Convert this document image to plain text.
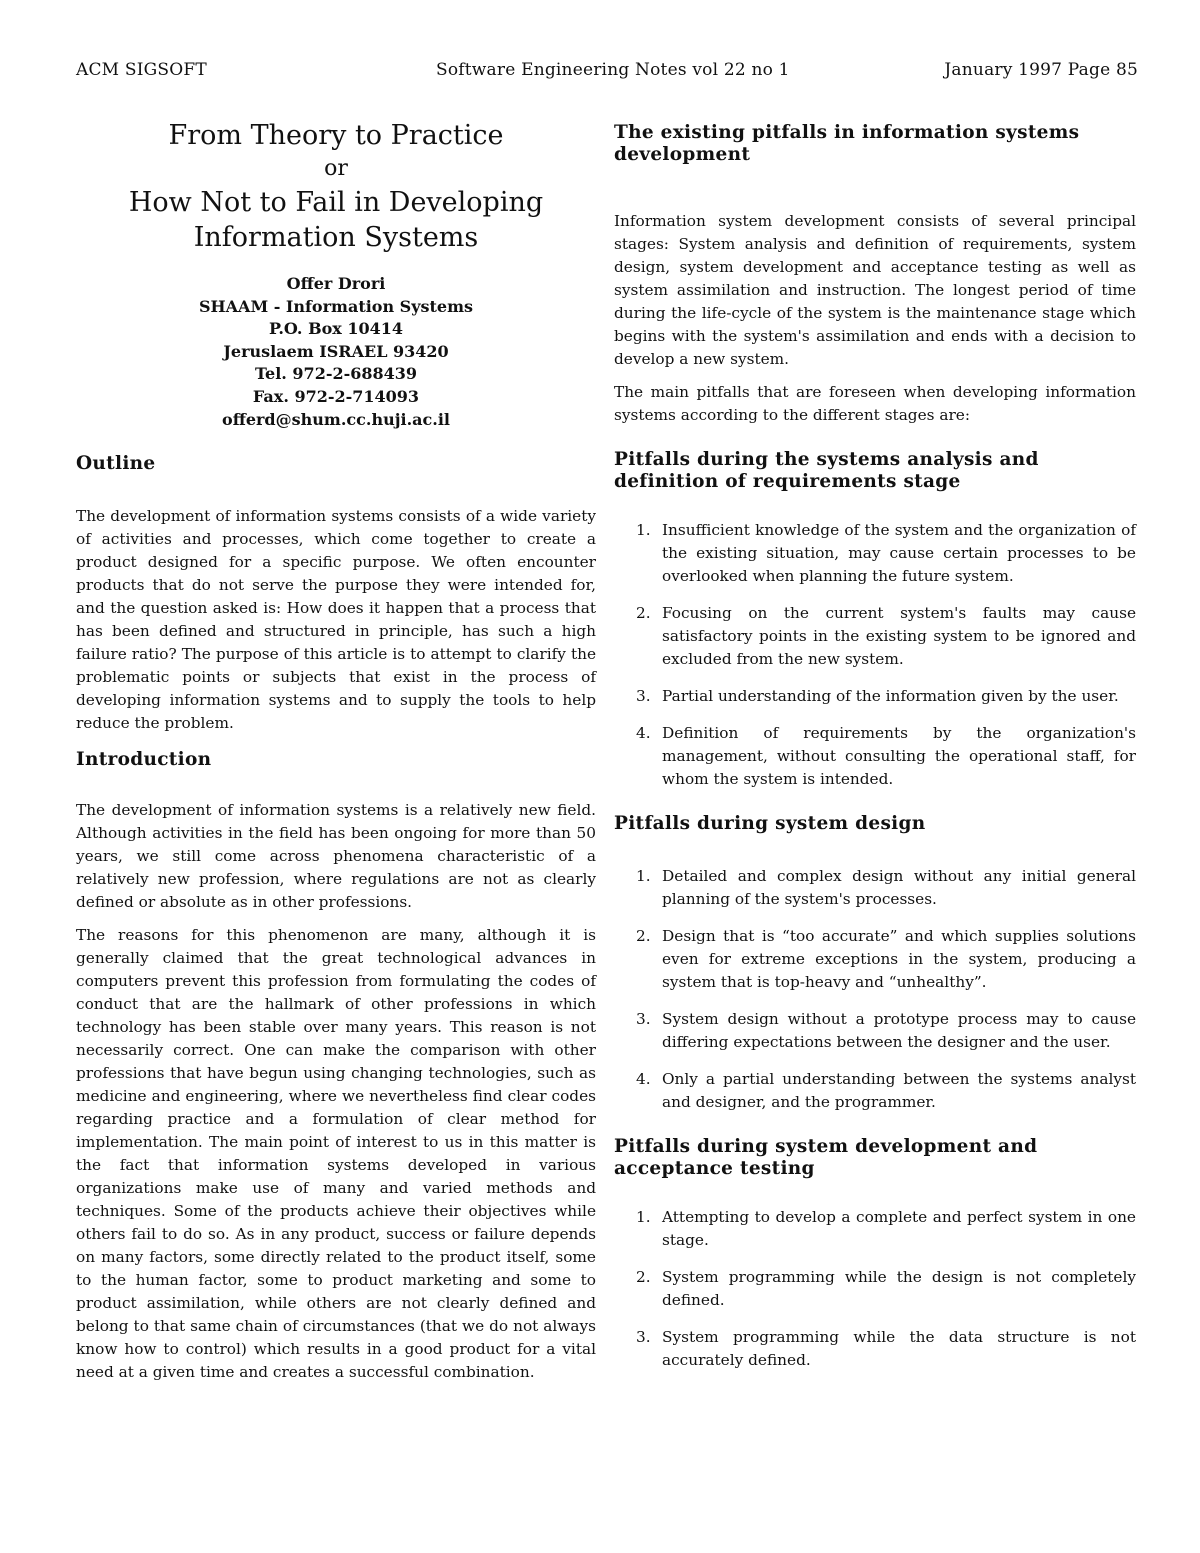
ACM SIGSOFT	Software Engineering Notes vol 22 no 1	January 1997 Page 85
From Theory to Practice
or
How Not to Fail in Developing
Information Systems
Offer Drori
SHAAM - Information Systems
P.O. Box 10414
Jeruslaem ISRAEL 93420
Tel. 972-2-688439
Fax. 972-2-714093
offerd@shum.cc.huji.ac.il
Outline

The development of information systems consists of a wide variety of activities and processes, which come together to create a product designed for a specific purpose. We often encounter products that do not serve the purpose they were intended for, and the question asked is: How does it happen that a process that has been defined and structured in principle, has such a high failure ratio? The purpose of this article is to attempt to clarify the problematic points or subjects that exist in the process of developing information systems and to supply the tools to help reduce the problem.

Introduction

The development of information systems is a relatively new field. Although activities in the field has been ongoing for more than 50 years, we still come across phenomena characteristic of a relatively new profession, where regulations are not as clearly defined or absolute as in other professions.

The reasons for this phenomenon are many, although it is generally claimed that the great technological advances in computers prevent this profession from formulating the codes of conduct that are the hallmark of other professions in which technology has been stable over many years. This reason is not necessarily correct. One can make the comparison with other professions that have begun using changing technologies, such as medicine and engineering, where we nevertheless find clear codes regarding practice and a formulation of clear method for implementation. The main point of interest to us in this matter is the fact that information systems developed in various organizations make use of many and varied methods and techniques. Some of the products achieve their objectives while others fail to do so. As in any product, success or failure depends on many factors, some directly related to the product itself, some to the human factor, some to product marketing and some to product assimilation, while others are not clearly defined and belong to that same chain of circumstances (that we do not always know how to control) which results in a good product for a vital need at a given time and creates a successful combination.

The existing pitfalls in information systems development

Information system development consists of several principal stages: System analysis and definition of requirements, system design, system development and acceptance testing as well as system assimilation and instruction. The longest period of time during the life-cycle of the system is the maintenance stage which begins with the system's assimilation and ends with a decision to develop a new system.

The main pitfalls that are foreseen when developing information systems according to the different stages are:

Pitfalls during the systems analysis and definition of requirements stage
1. Insufficient knowledge of the system and the organization of the existing situation, may cause certain processes to be overlooked when planning the future system.
2. Focusing on the current system's faults may cause satisfactory points in the existing system to be ignored and excluded from the new system.
3. Partial understanding of the information given by the user.
4. Definition of requirements by the organization's management, without consulting the operational staff, for whom the system is intended.
Pitfalls during system design
1. Detailed and complex design without any initial general planning of the system's processes.
2. Design that is “too accurate” and which supplies solutions even for extreme exceptions in the system, producing a system that is top-heavy and “unhealthy”.
3. System design without a prototype process may to cause differing expectations between the designer and the user.
4. Only a partial understanding between the systems analyst and designer, and the programmer.
Pitfalls during system development and acceptance testing
1. Attempting to develop a complete and perfect system in one stage.
2. System programming while the design is not completely defined.
3. System programming while the data structure is not accurately defined.
